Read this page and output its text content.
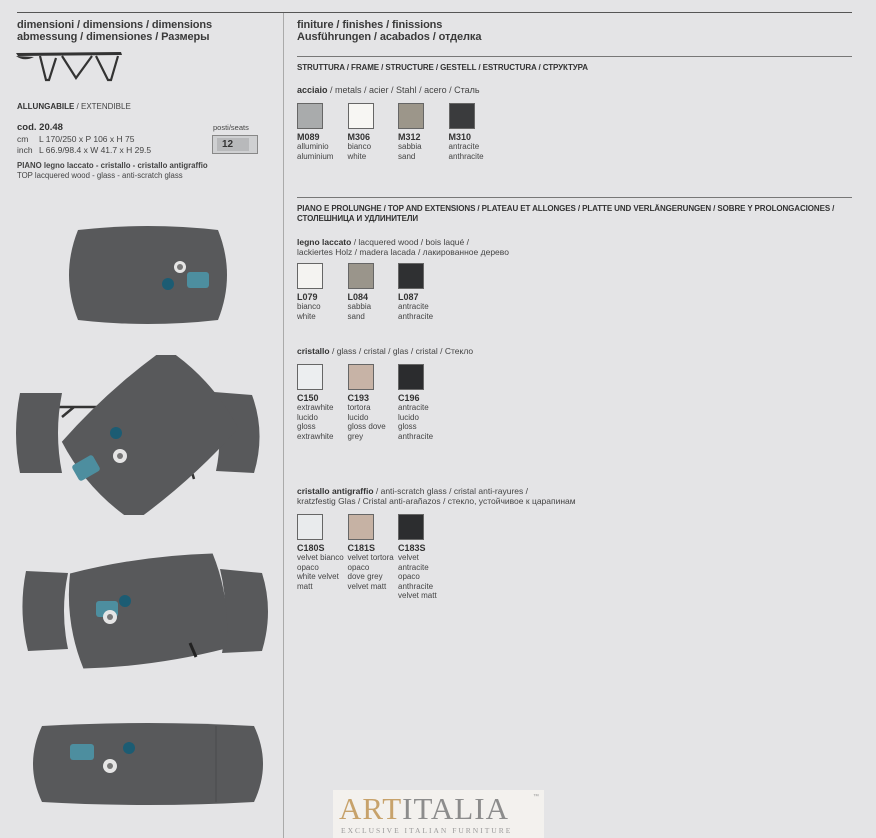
dimensioni / dimensions / dimensions
abmessung / dimensiones / Размеры
ALLUNGABILE / EXTENDIBLE
cod. 20.48
cm L 170/250 x P 106 x H 75
inch L 66.9/98.4 x W 41.7 x H 29.5
posti/seats
12
PIANO legno laccato - cristallo - cristallo antigraffio
TOP lacquered wood - glass - anti-scratch glass
finiture / finishes / finissions
Ausführungen / acabados / отделка
STRUTTURA / FRAME / STRUCTURE / GESTELL / ESTRUCTURA / СТРУКТУРА
acciaio / metals / acier / Stahl / acero / Сталь
PIANO E PROLUNGHE / TOP AND EXTENSIONS / PLATEAU ET ALLONGES / PLATTE UND VERLÄNGERUNGEN / SOBRE Y PROLONGACIONES /
СТОЛЕШНИЦА И УДЛИНИТЕЛИ
legno laccato / lacquered wood / bois laqué /
lackiertes Holz / madera lacada / лакированное дерево
cristallo / glass / cristal / glas / cristal / Стекло
cristallo antigraffio / anti-scratch glass / cristal anti-rayures /
kratzfestig Glas / Cristal anti-arañazos / стекло, устойчивое к царапинам
M089
alluminio
aluminium
M306
bianco
white
M312
sabbia
sand
M310
antracite
anthracite
L079
bianco
white
L084
sabbia
sand
L087
antracite
anthracite
C150
extrawhite
lucido
gloss
extrawhite
C193
tortora
lucido
gloss dove
grey
C196
antracite
lucido
gloss
anthracite
C180S
velvet bianco
opaco
white velvet
matt
C181S
velvet tortora
opaco
dove grey
velvet matt
C183S
velvet antracite
opaco
anthracite
velvet matt
ARTITALIA	™
EXCLUSIVE ITALIAN FURNITURE
